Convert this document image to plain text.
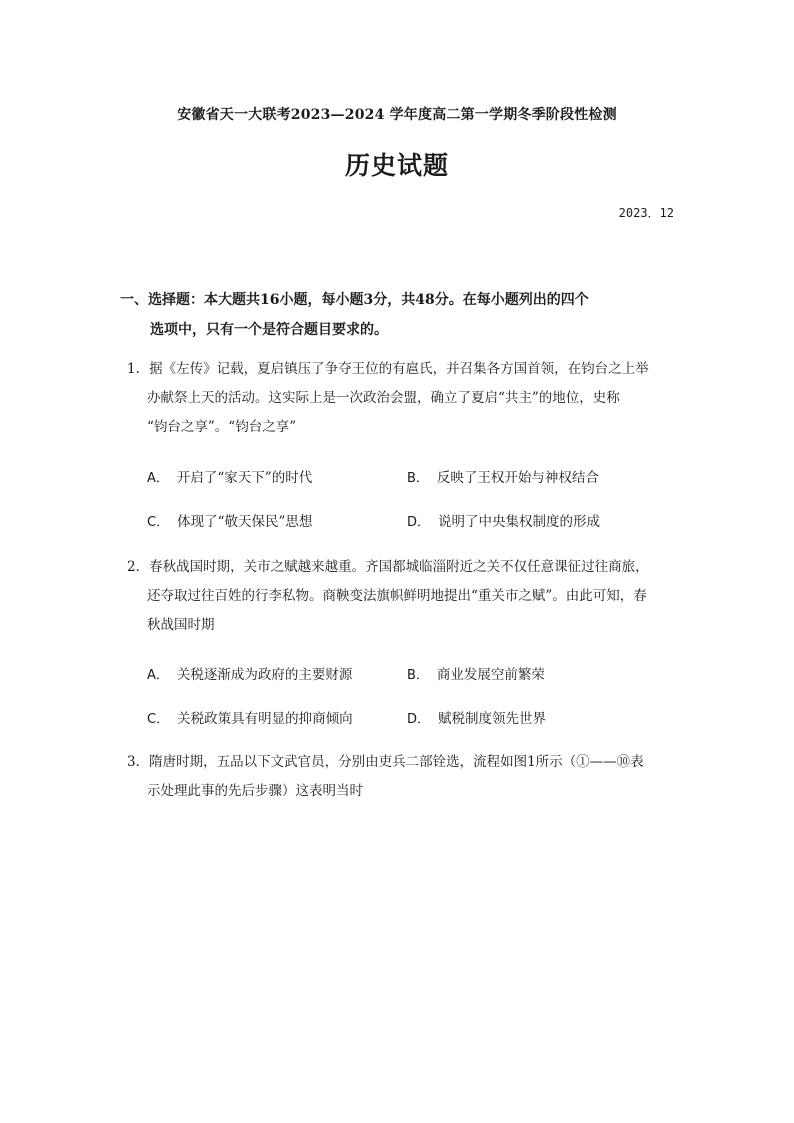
安徽省天一大联考2023—2024 学年度高二第一学期冬季阶段性检测
历史试题
2023．12
一、选择题：本大题共16小题，每小题3分，共48分。在每小题列出的四个
选项中，只有一个是符合题目要求的。
1．据《左传》记载，夏启镇压了争夺王位的有扈氏，并召集各方国首领，在钧台之上举
办献祭上天的活动。这实际上是一次政治会盟，确立了夏启“共主”的地位，史称
“钧台之享”。“钧台之享”
A． 开启了“家天下”的时代	B． 反映了王权开始与神权结合
C． 体现了“敬天保民”思想	D． 说明了中央集权制度的形成
2．春秋战国时期，关市之赋越来越重。齐国都城临淄附近之关不仅任意课征过往商旅，
还夺取过往百姓的行李私物。商鞅变法旗帜鲜明地提出“重关市之赋”。由此可知，春
秋战国时期
A． 关税逐渐成为政府的主要财源	B． 商业发展空前繁荣
C． 关税政策具有明显的抑商倾向	D． 赋税制度领先世界
3．隋唐时期，五品以下文武官员，分别由吏兵二部铨选，流程如图1所示（①——⑩表
示处理此事的先后步骤）这表明当时
